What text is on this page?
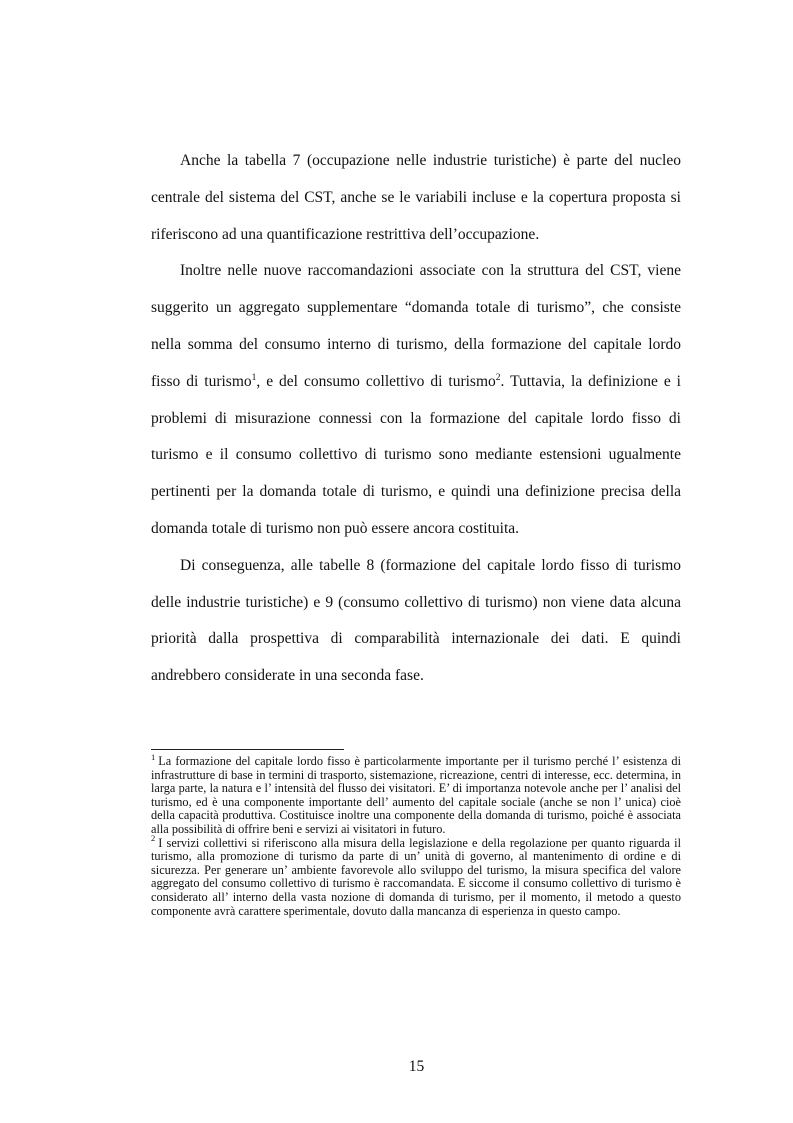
Anche la tabella 7 (occupazione nelle industrie turistiche) è parte del nucleo centrale del sistema del CST, anche se le variabili incluse e la copertura proposta si riferiscono ad una quantificazione restrittiva dell’occupazione.

Inoltre nelle nuove raccomandazioni associate con la struttura del CST, viene suggerito un aggregato supplementare “domanda totale di turismo”, che consiste nella somma del consumo interno di turismo, della formazione del capitale lordo fisso di turismo$^1$, e del consumo collettivo di turismo$^2$. Tuttavia, la definizione e i problemi di misurazione connessi con la formazione del capitale lordo fisso di turismo e il consumo collettivo di turismo sono mediante estensioni ugualmente pertinenti per la domanda totale di turismo, e quindi una definizione precisa della domanda totale di turismo non può essere ancora costituita.

Di conseguenza, alle tabelle 8 (formazione del capitale lordo fisso di turismo delle industrie turistiche) e 9 (consumo collettivo di turismo) non viene data alcuna priorità dalla prospettiva di comparabilità internazionale dei dati. E quindi andrebbero considerate in una seconda fase.

$^1$ La formazione del capitale lordo fisso è particolarmente importante per il turismo perché l’ esistenza di infrastrutture di base in termini di trasporto, sistemazione, ricreazione, centri di interesse, ecc. determina, in larga parte, la natura e l’ intensità del flusso dei visitatori. E’ di importanza notevole anche per l’ analisi del turismo, ed è una componente importante dell’ aumento del capitale sociale (anche se non l’ unica) cioè della capacità produttiva. Costituisce inoltre una componente della domanda di turismo, poiché è associata alla possibilità di offrire beni e servizi ai visitatori in futuro.

$^2$ I servizi collettivi si riferiscono alla misura della legislazione e della regolazione per quanto riguarda il turismo, alla promozione di turismo da parte di un’ unità di governo, al mantenimento di ordine e di sicurezza. Per generare un’ ambiente favorevole allo sviluppo del turismo, la misura specifica del valore aggregato del consumo collettivo di turismo è raccomandata. E siccome il consumo collettivo di turismo è considerato all’ interno della vasta nozione di domanda di turismo, per il momento, il metodo a questo componente avrà carattere sperimentale, dovuto dalla mancanza di esperienza in questo campo.

15
